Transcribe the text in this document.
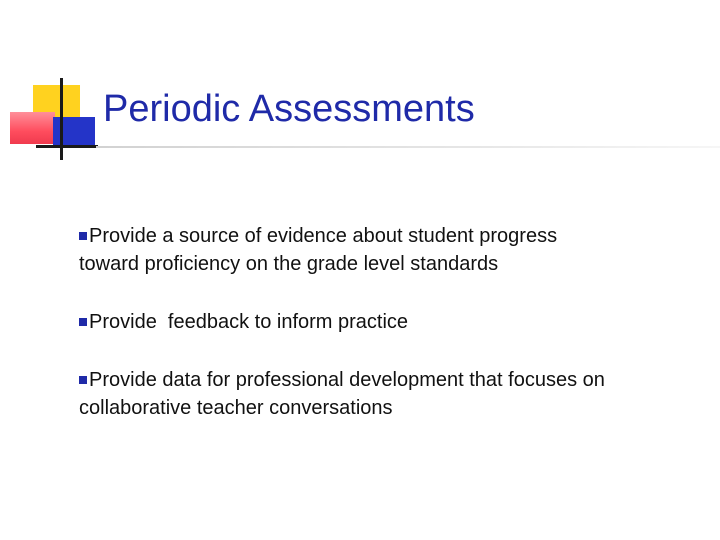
Periodic Assessments
Provide a source of evidence about student progress toward proficiency on the grade level standards
Provide  feedback to inform practice
Provide data for professional development that focuses on collaborative teacher conversations
